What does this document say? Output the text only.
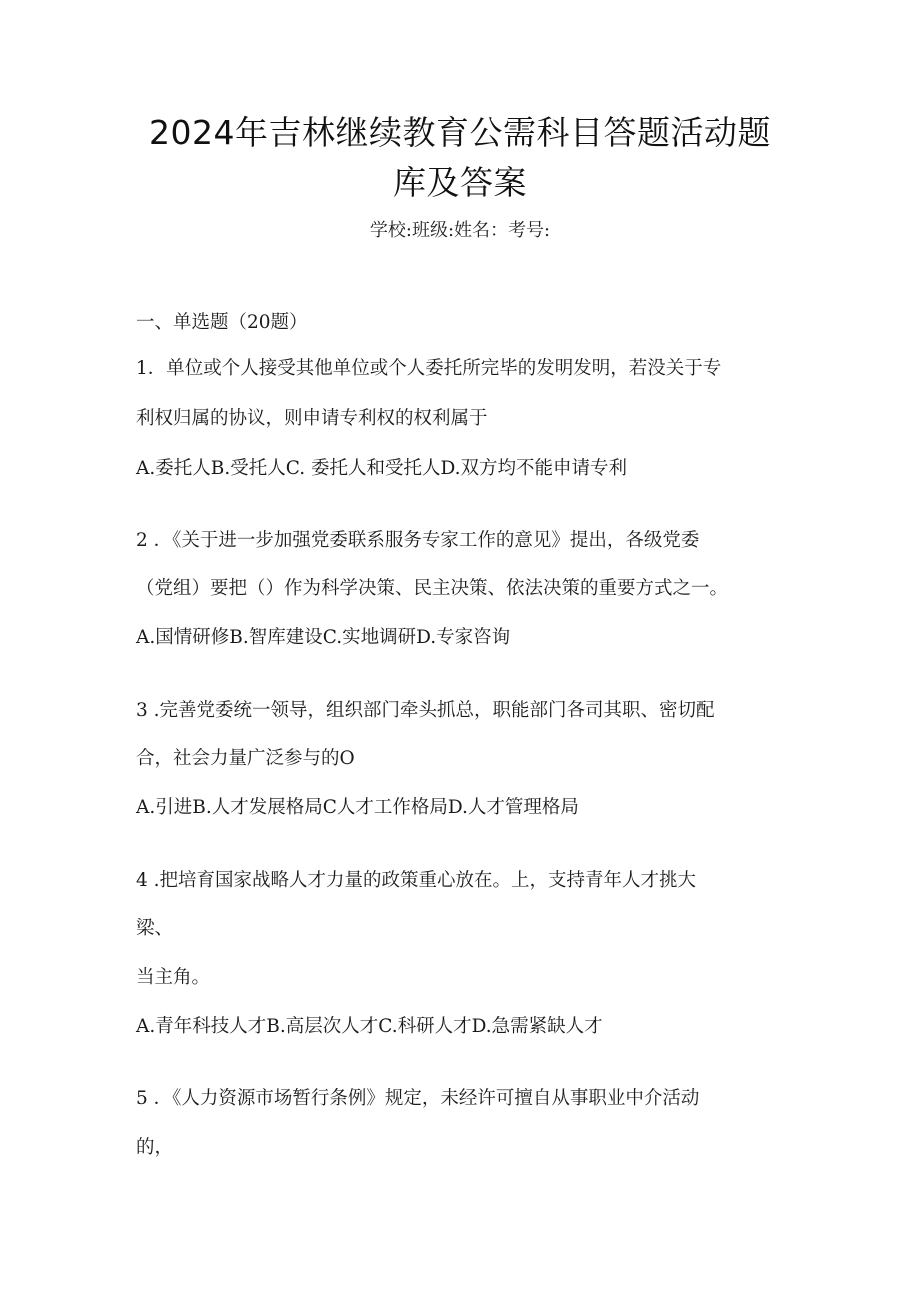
2024年吉林继续教育公需科目答题活动题
库及答案
学校:班级:姓名：考号:
一、单选题（20题）
1．单位或个人接受其他单位或个人委托所完毕的发明发明，若没关于专
利权归属的协议，则申请专利权的权利属于
A.委托人B.受托人C. 委托人和受托人D.双方均不能申请专利
2 ．《关于进一步加强党委联系服务专家工作的意见》提出，各级党委
（党组）要把（）作为科学决策、民主决策、依法决策的重要方式之一。
A.国情研修B.智库建设C.实地调研D.专家咨询
3 .完善党委统一领导，组织部门牵头抓总，职能部门各司其职、密切配
合，社会力量广泛参与的O
A.引进B.人才发展格局C人才工作格局D.人才管理格局
4 .把培育国家战略人才力量的政策重心放在。上，支持青年人才挑大
梁、
当主角。
A.青年科技人才B.高层次人才C.科研人才D.急需紧缺人才
5 ．《人力资源市场暂行条例》规定，未经许可擅自从事职业中介活动
的，
